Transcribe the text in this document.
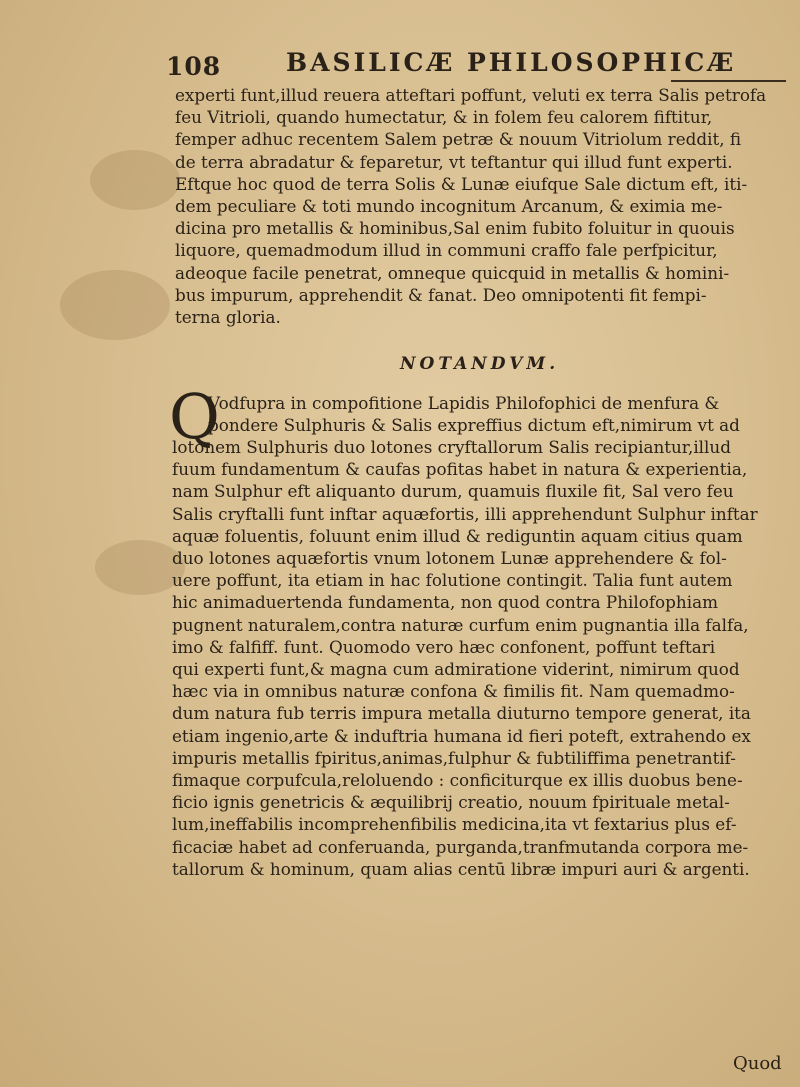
108	BASILICÆ PHILOSOPHICÆ
experti funt,illud reuera atteftari poffunt, veluti ex terra Salis petrofa
feu Vitrioli, quando humectatur, & in folem feu calorem fiftitur,
femper adhuc recentem Salem petræ & nouum Vitriolum reddit, fi
de terra abradatur & feparetur, vt teftantur qui illud funt experti.
Eftque hoc quod de terra Solis & Lunæ eiufque Sale dictum eft, iti-
dem peculiare & toti mundo incognitum Arcanum, & eximia me-
dicina pro metallis & hominibus,Sal enim fubito foluitur in quouis
liquore, quemadmodum illud in communi craffo fale perfpicitur,
adeoque facile penetrat, omneque quicquid in metallis & homini-
bus impurum, apprehendit & fanat. Deo omnipotenti fit fempi-
terna gloria.
NOTANDVM.
Q
Vodfupra in compofitione Lapidis Philofophici de menfura &
pondere Sulphuris & Salis expreffius dictum eft,nimirum vt ad
lotonem Sulphuris duo lotones cryftallorum Salis recipiantur,illud
fuum fundamentum & caufas pofitas habet in natura & experientia,
nam Sulphur eft aliquanto durum, quamuis fluxile fit, Sal vero feu
Salis cryftalli funt inftar aquæfortis, illi apprehendunt Sulphur inftar
aquæ foluentis, foluunt enim illud & rediguntin aquam citius quam
duo lotones aquæfortis vnum lotonem Lunæ apprehendere & fol-
uere poffunt, ita etiam in hac folutione contingit. Talia funt autem
hic animaduertenda fundamenta, non quod contra Philofophiam
pugnent naturalem,contra naturæ curfum enim pugnantia illa falfa,
imo & falfiff. funt. Quomodo vero hæc confonent, poffunt teftari
qui experti funt,& magna cum admiratione viderint, nimirum quod
hæc via in omnibus naturæ confona & fimilis fit. Nam quemadmo-
dum natura fub terris impura metalla diuturno tempore generat, ita
etiam ingenio,arte & induftria humana id fieri poteft, extrahendo ex
impuris metallis fpiritus,animas,fulphur & fubtiliffima penetrantif-
fimaque corpufcula,reloluendo : conficiturque ex illis duobus bene-
ficio ignis genetricis & æquilibrij creatio, nouum fpirituale metal-
lum,ineffabilis incomprehenfibilis medicina,ita vt fextarius plus ef-
ficaciæ habet ad conferuanda, purganda,tranfmutanda corpora me-
tallorum & hominum, quam alias centū libræ impuri auri & argenti.
Quod
